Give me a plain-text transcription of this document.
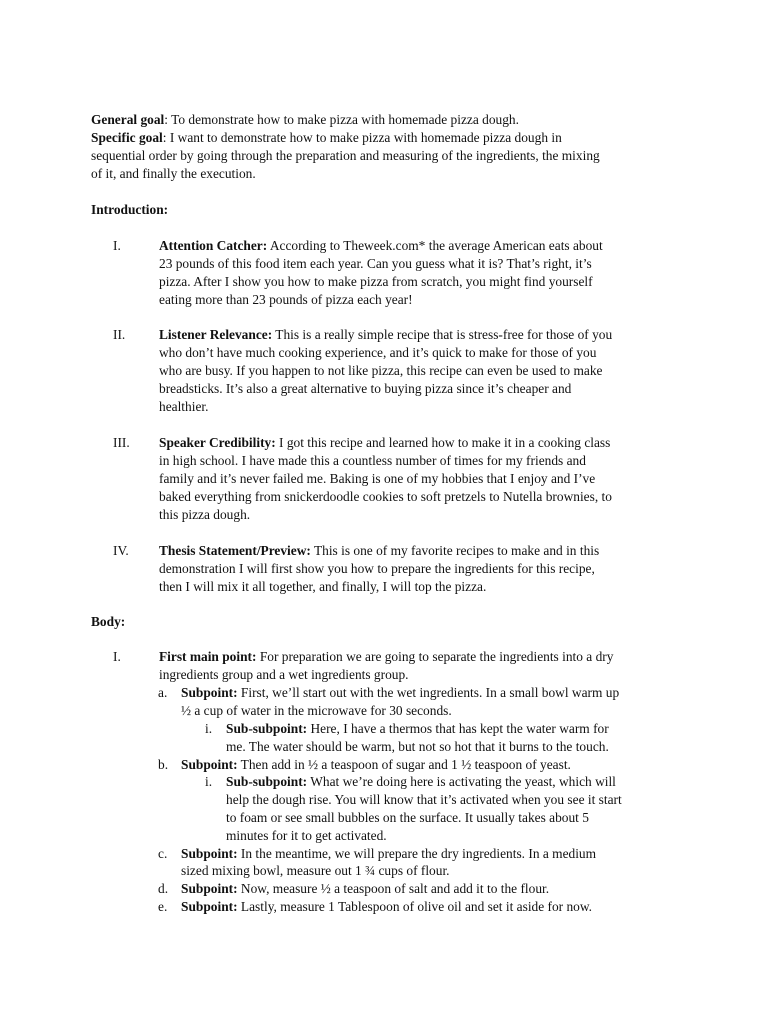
General goal: To demonstrate how to make pizza with homemade pizza dough.
Specific goal: I want to demonstrate how to make pizza with homemade pizza dough in
sequential order by going through the preparation and measuring of the ingredients, the mixing
of it, and finally the execution.
Introduction:
I.	Attention Catcher: According to Theweek.com* the average American eats about
23 pounds of this food item each year. Can you guess what it is? That’s right, it’s
pizza. After I show you how to make pizza from scratch, you might find yourself
eating more than 23 pounds of pizza each year!
II.	Listener Relevance: This is a really simple recipe that is stress-free for those of you
who don’t have much cooking experience, and it’s quick to make for those of you
who are busy. If you happen to not like pizza, this recipe can even be used to make
breadsticks. It’s also a great alternative to buying pizza since it’s cheaper and
healthier.
III. Speaker Credibility: I got this recipe and learned how to make it in a cooking class
in high school. I have made this a countless number of times for my friends and
family and it’s never failed me. Baking is one of my hobbies that I enjoy and I’ve
baked everything from snickerdoodle cookies to soft pretzels to Nutella brownies, to
this pizza dough.
IV. Thesis Statement/Preview: This is one of my favorite recipes to make and in this
demonstration I will first show you how to prepare the ingredients for this recipe,
then I will mix it all together, and finally, I will top the pizza.
Body:
I.	First main point: For preparation we are going to separate the ingredients into a dry
ingredients group and a wet ingredients group.
a. Subpoint: First, we’ll start out with the wet ingredients. In a small bowl warm up
½ a cup of water in the microwave for 30 seconds.
i. Sub-subpoint: Here, I have a thermos that has kept the water warm for
me. The water should be warm, but not so hot that it burns to the touch.
b. Subpoint: Then add in ½ a teaspoon of sugar and 1 ½ teaspoon of yeast.
i. Sub-subpoint: What we’re doing here is activating the yeast, which will
help the dough rise. You will know that it’s activated when you see it start
to foam or see small bubbles on the surface. It usually takes about 5
minutes for it to get activated.
c. Subpoint: In the meantime, we will prepare the dry ingredients. In a medium
sized mixing bowl, measure out 1 ¾ cups of flour.
d. Subpoint: Now, measure ½ a teaspoon of salt and add it to the flour.
e. Subpoint: Lastly, measure 1 Tablespoon of olive oil and set it aside for now.
